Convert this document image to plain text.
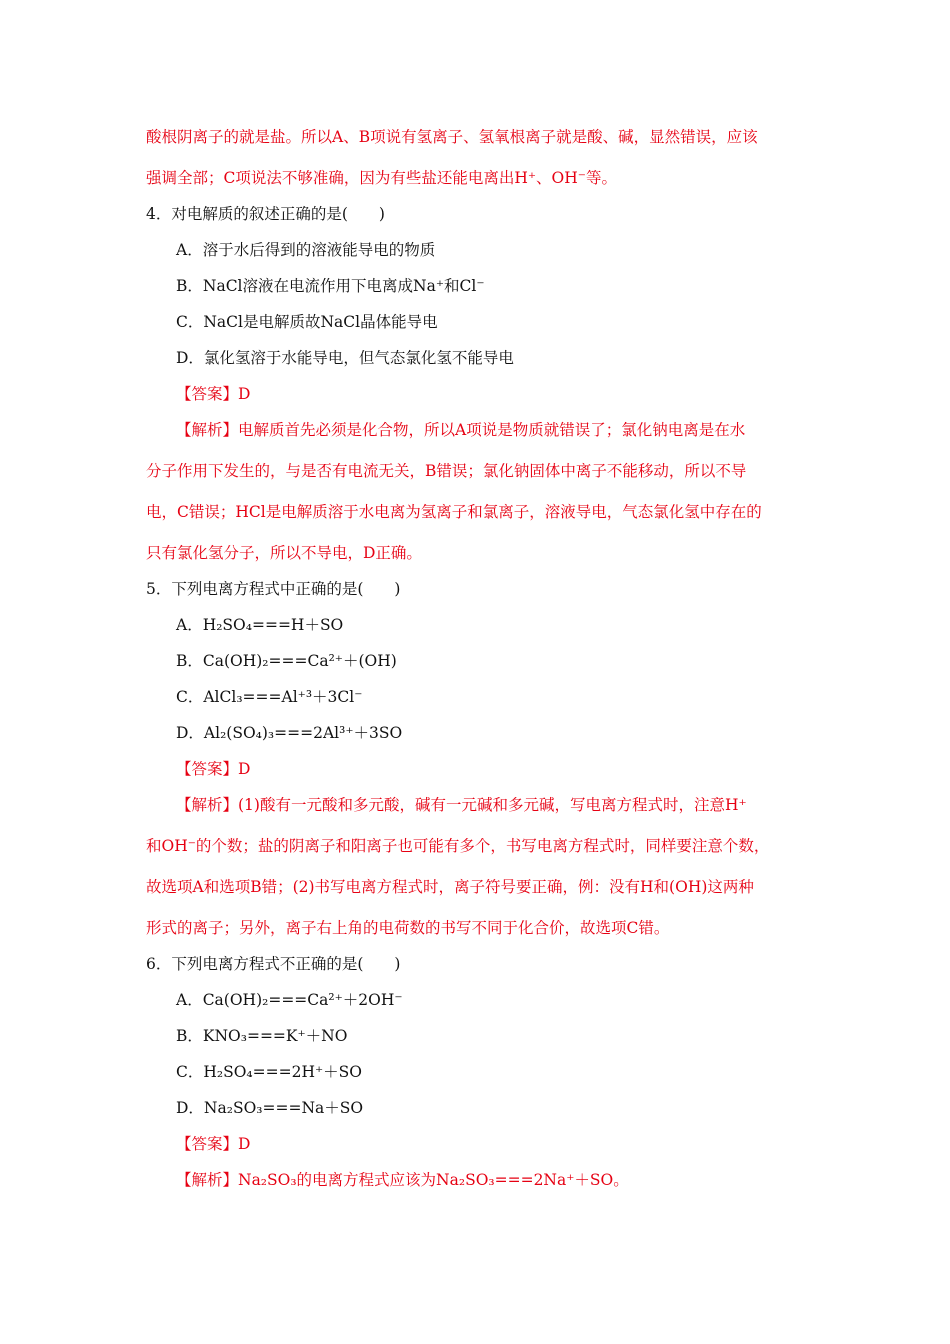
酸根阴离子的就是盐。所以A、B项说有氢离子、氢氧根离子就是酸、碱，显然错误，应该
强调全部；C项说法不够准确，因为有些盐还能电离出H⁺、OH⁻等。
4．对电解质的叙述正确的是(　　)
A．溶于水后得到的溶液能导电的物质
B．NaCl溶液在电流作用下电离成Na⁺和Cl⁻
C．NaCl是电解质故NaCl晶体能导电
D．氯化氢溶于水能导电，但气态氯化氢不能导电
【答案】D
【解析】电解质首先必须是化合物，所以A项说是物质就错误了；氯化钠电离是在水
分子作用下发生的，与是否有电流无关，B错误；氯化钠固体中离子不能移动，所以不导
电，C错误；HCl是电解质溶于水电离为氢离子和氯离子，溶液导电，气态氯化氢中存在的
只有氯化氢分子，所以不导电，D正确。
5．下列电离方程式中正确的是(　　)
A．H₂SO₄===H＋SO
B．Ca(OH)₂===Ca²⁺＋(OH)
C．AlCl₃===Al⁺³＋3Cl⁻
D．Al₂(SO₄)₃===2Al³⁺＋3SO
【答案】D
【解析】(1)酸有一元酸和多元酸，碱有一元碱和多元碱，写电离方程式时，注意H⁺
和OH⁻的个数；盐的阴离子和阳离子也可能有多个，书写电离方程式时，同样要注意个数，
故选项A和选项B错；(2)书写电离方程式时，离子符号要正确，例：没有H和(OH)这两种
形式的离子；另外，离子右上角的电荷数的书写不同于化合价，故选项C错。
6．下列电离方程式不正确的是(　　)
A．Ca(OH)₂===Ca²⁺＋2OH⁻
B．KNO₃===K⁺＋NO
C．H₂SO₄===2H⁺＋SO
D．Na₂SO₃===Na＋SO
【答案】D
【解析】Na₂SO₃的电离方程式应该为Na₂SO₃===2Na⁺＋SO。
